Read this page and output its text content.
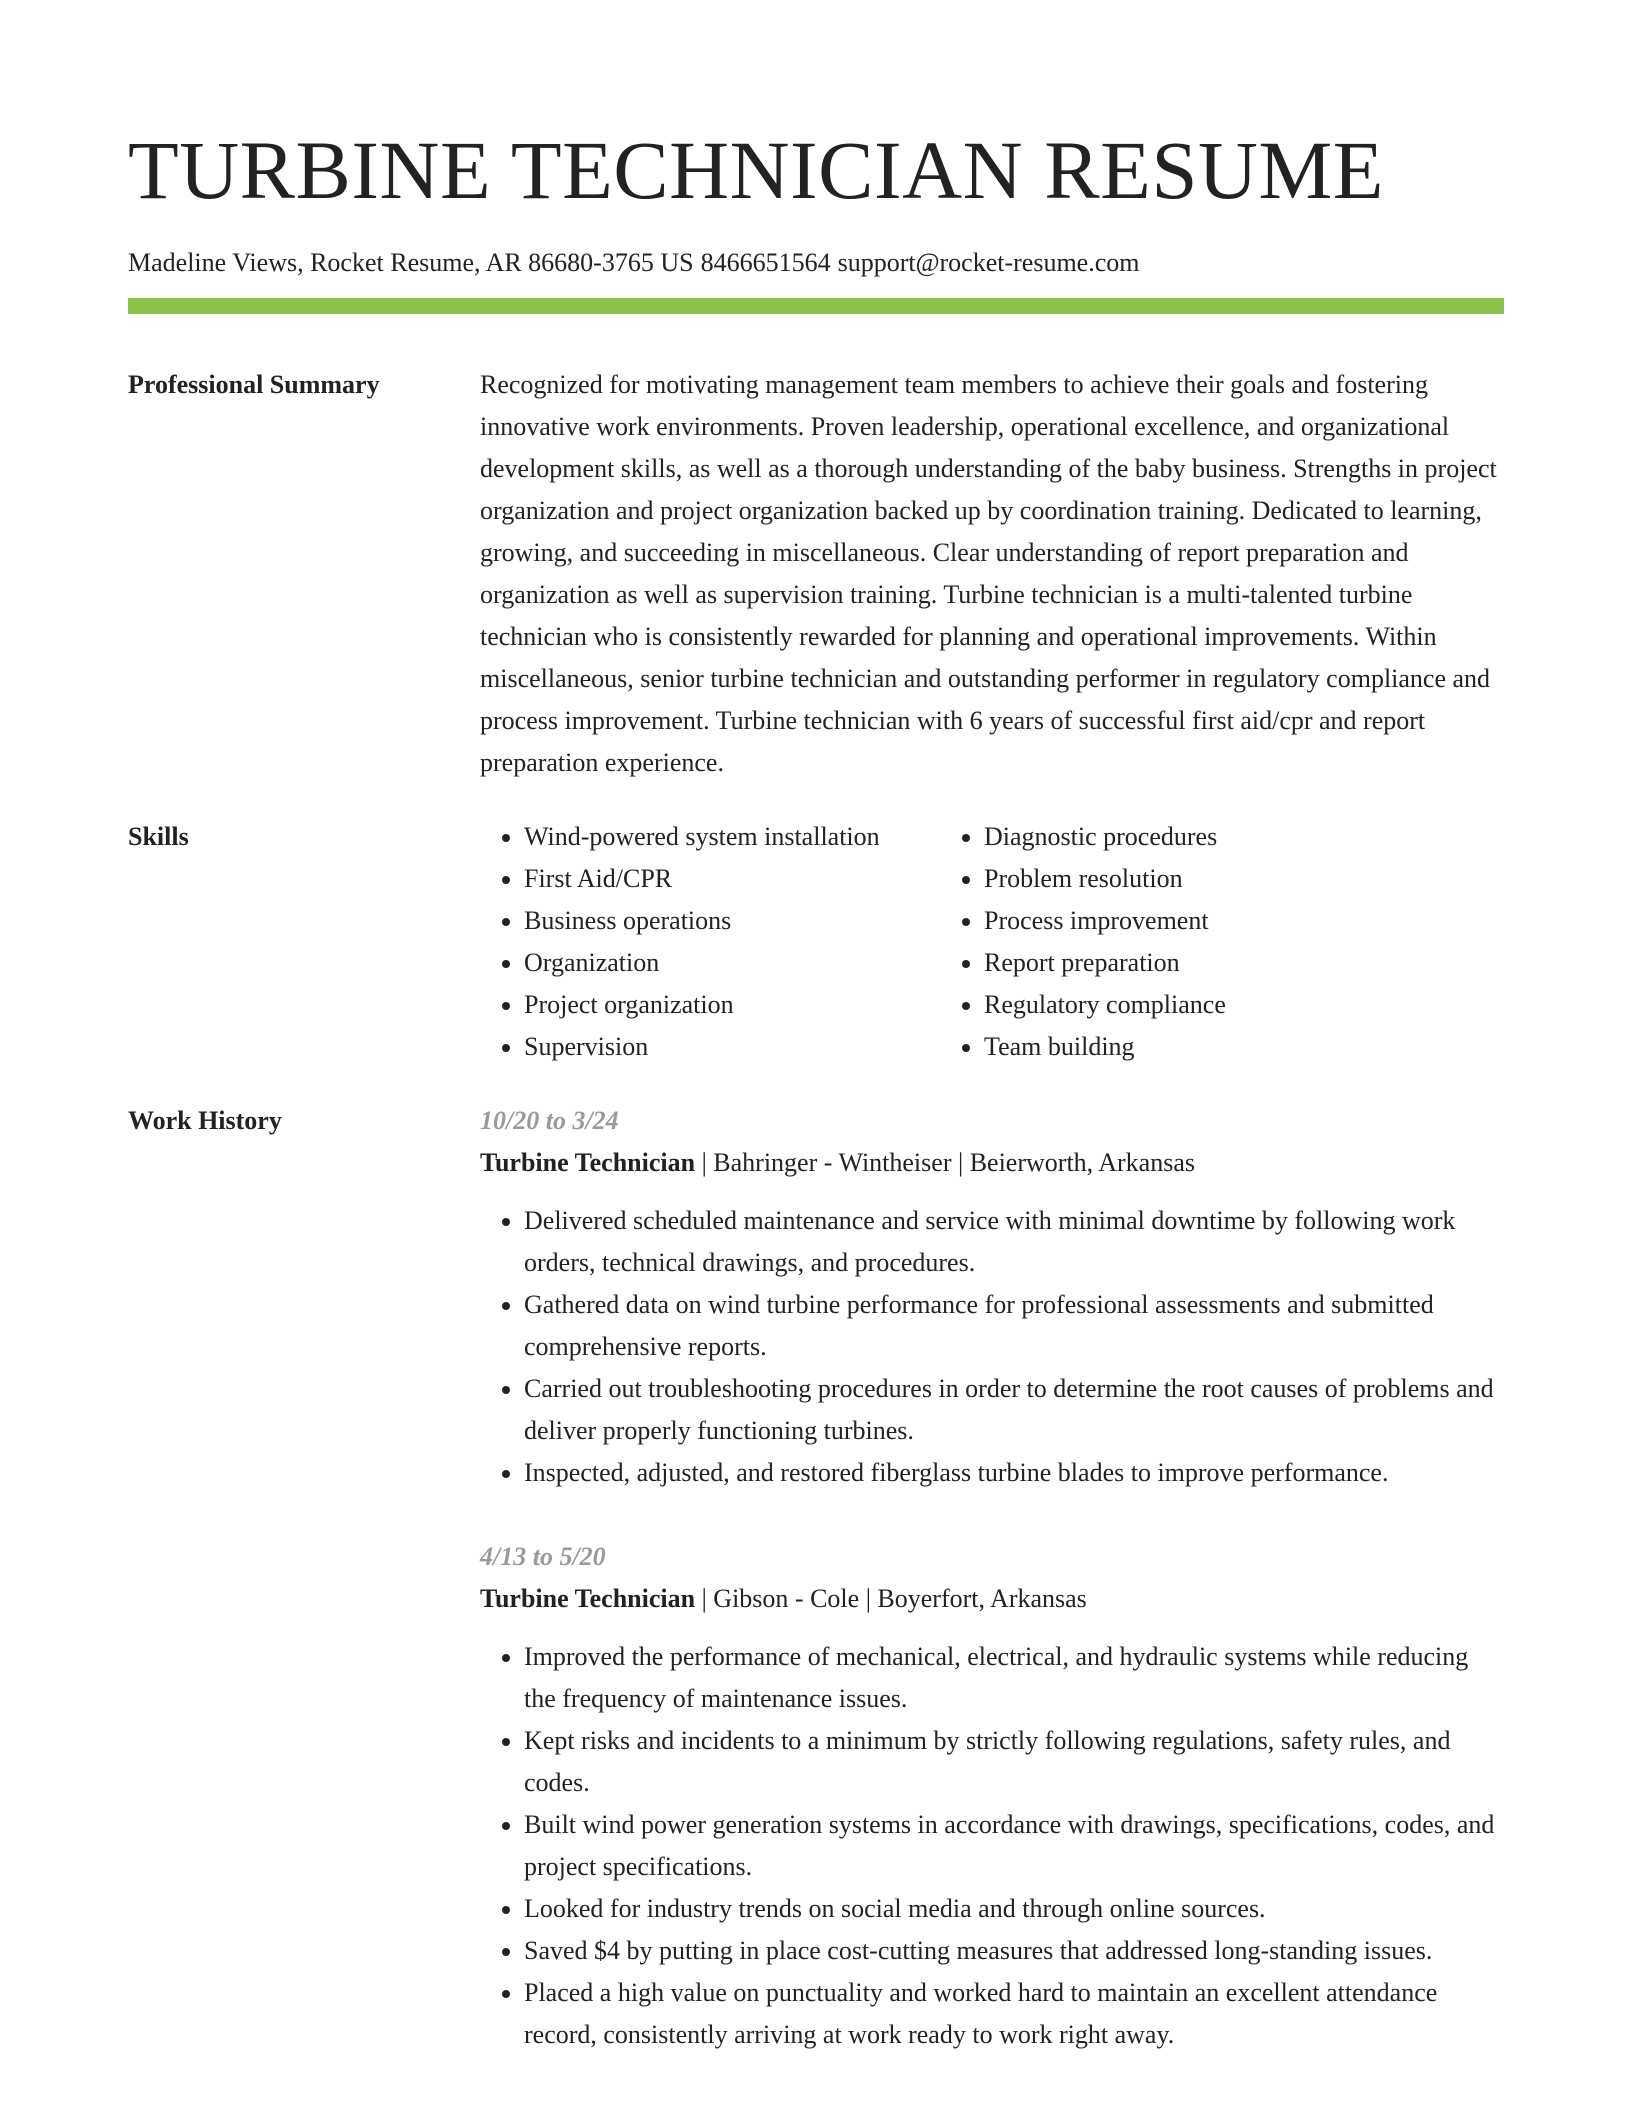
TURBINE TECHNICIAN RESUME
Madeline Views, Rocket Resume, AR 86680-3765 US 8466651564 support@rocket-resume.com
Professional Summary	Recognized for motivating management team members to achieve their goals and fostering innovative work environments. Proven leadership, operational excellence, and organizational development skills, as well as a thorough understanding of the baby business. Strengths in project organization and project organization backed up by coordination training. Dedicated to learning, growing, and succeeding in miscellaneous. Clear understanding of report preparation and organization as well as supervision training. Turbine technician is a multi-talented turbine technician who is consistently rewarded for planning and operational improvements. Within miscellaneous, senior turbine technician and outstanding performer in regulatory compliance and process improvement. Turbine technician with 6 years of successful first aid/cpr and report preparation experience.

Skills
•	Wind-powered system installation
• First Aid/CPR
• Business operations
• Organization
• Project organization
• Supervision
• Diagnostic procedures
• Problem resolution
• Process improvement
• Report preparation
• Regulatory compliance
• Team building
Work History	10/20 to 3/24
Turbine Technician | Bahringer - Wintheiser | Beierworth, Arkansas
• Delivered scheduled maintenance and service with minimal downtime by following work orders, technical drawings, and procedures.
• Gathered data on wind turbine performance for professional assessments and submitted comprehensive reports.
• Carried out troubleshooting procedures in order to determine the root causes of problems and deliver properly functioning turbines.
• Inspected, adjusted, and restored fiberglass turbine blades to improve performance.
4/13 to 5/20
Turbine Technician | Gibson - Cole | Boyerfort, Arkansas
• Improved the performance of mechanical, electrical, and hydraulic systems while reducing the frequency of maintenance issues.
• Kept risks and incidents to a minimum by strictly following regulations, safety rules, and codes.
• Built wind power generation systems in accordance with drawings, specifications, codes, and project specifications.
• Looked for industry trends on social media and through online sources.
• Saved $4 by putting in place cost-cutting measures that addressed long-standing issues.
• Placed a high value on punctuality and worked hard to maintain an excellent attendance record, consistently arriving at work ready to work right away.
